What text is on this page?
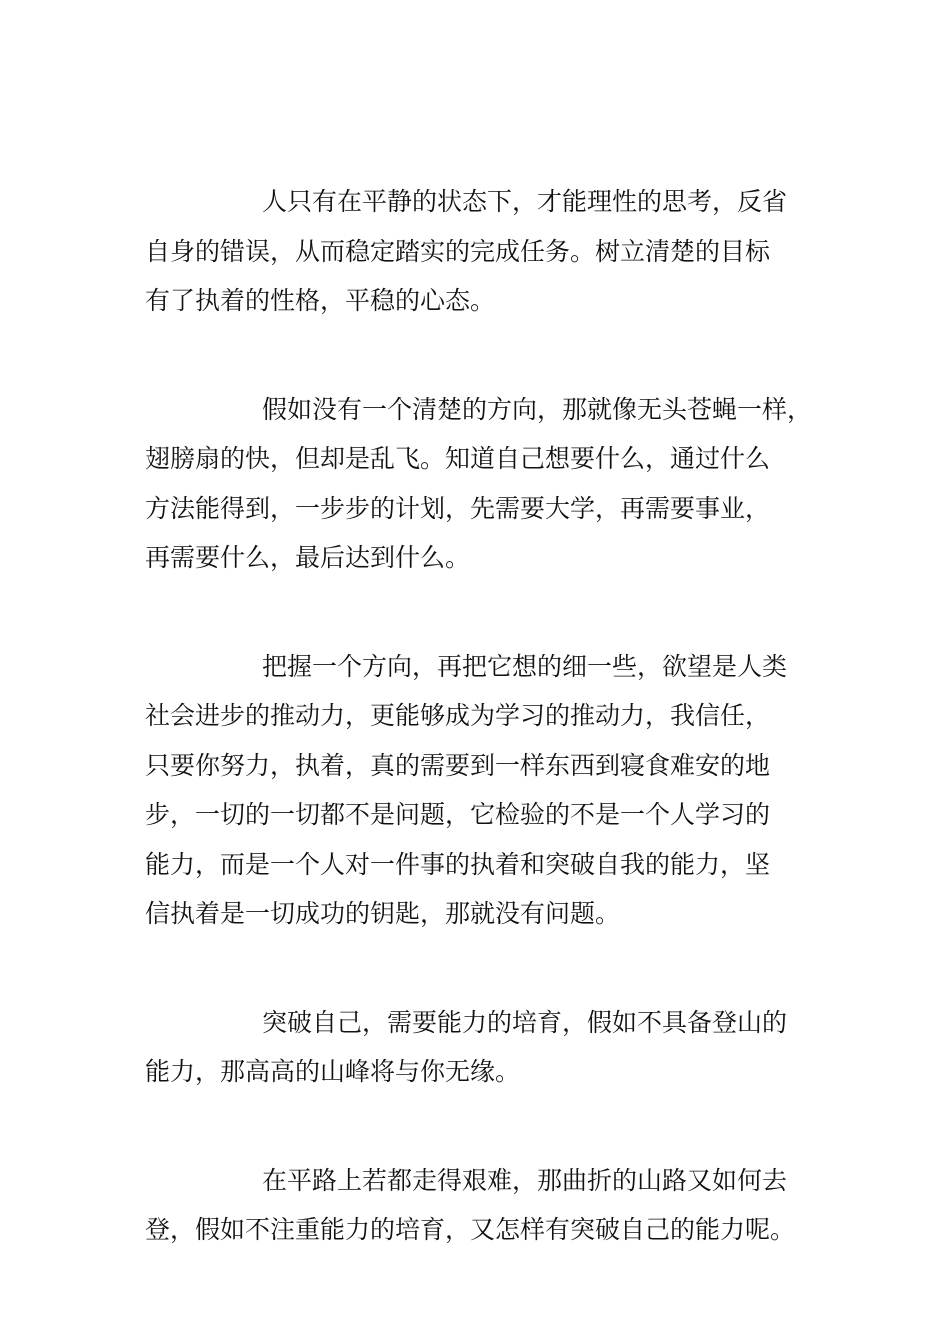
人只有在平静的状态下，才能理性的思考，反省
自身的错误，从而稳定踏实的完成任务。树立清楚的目标
有了执着的性格，平稳的心态。
假如没有一个清楚的方向，那就像无头苍蝇一样，
翅膀扇的快，但却是乱飞。知道自己想要什么，通过什么
方法能得到，一步步的计划，先需要大学，再需要事业，
再需要什么，最后达到什么。
把握一个方向，再把它想的细一些，欲望是人类
社会进步的推动力，更能够成为学习的推动力，我信任，
只要你努力，执着，真的需要到一样东西到寝食难安的地
步，一切的一切都不是问题，它检验的不是一个人学习的
能力，而是一个人对一件事的执着和突破自我的能力，坚
信执着是一切成功的钥匙，那就没有问题。
突破自己，需要能力的培育，假如不具备登山的
能力，那高高的山峰将与你无缘。
在平路上若都走得艰难，那曲折的山路又如何去
登，假如不注重能力的培育，又怎样有突破自己的能力呢。
